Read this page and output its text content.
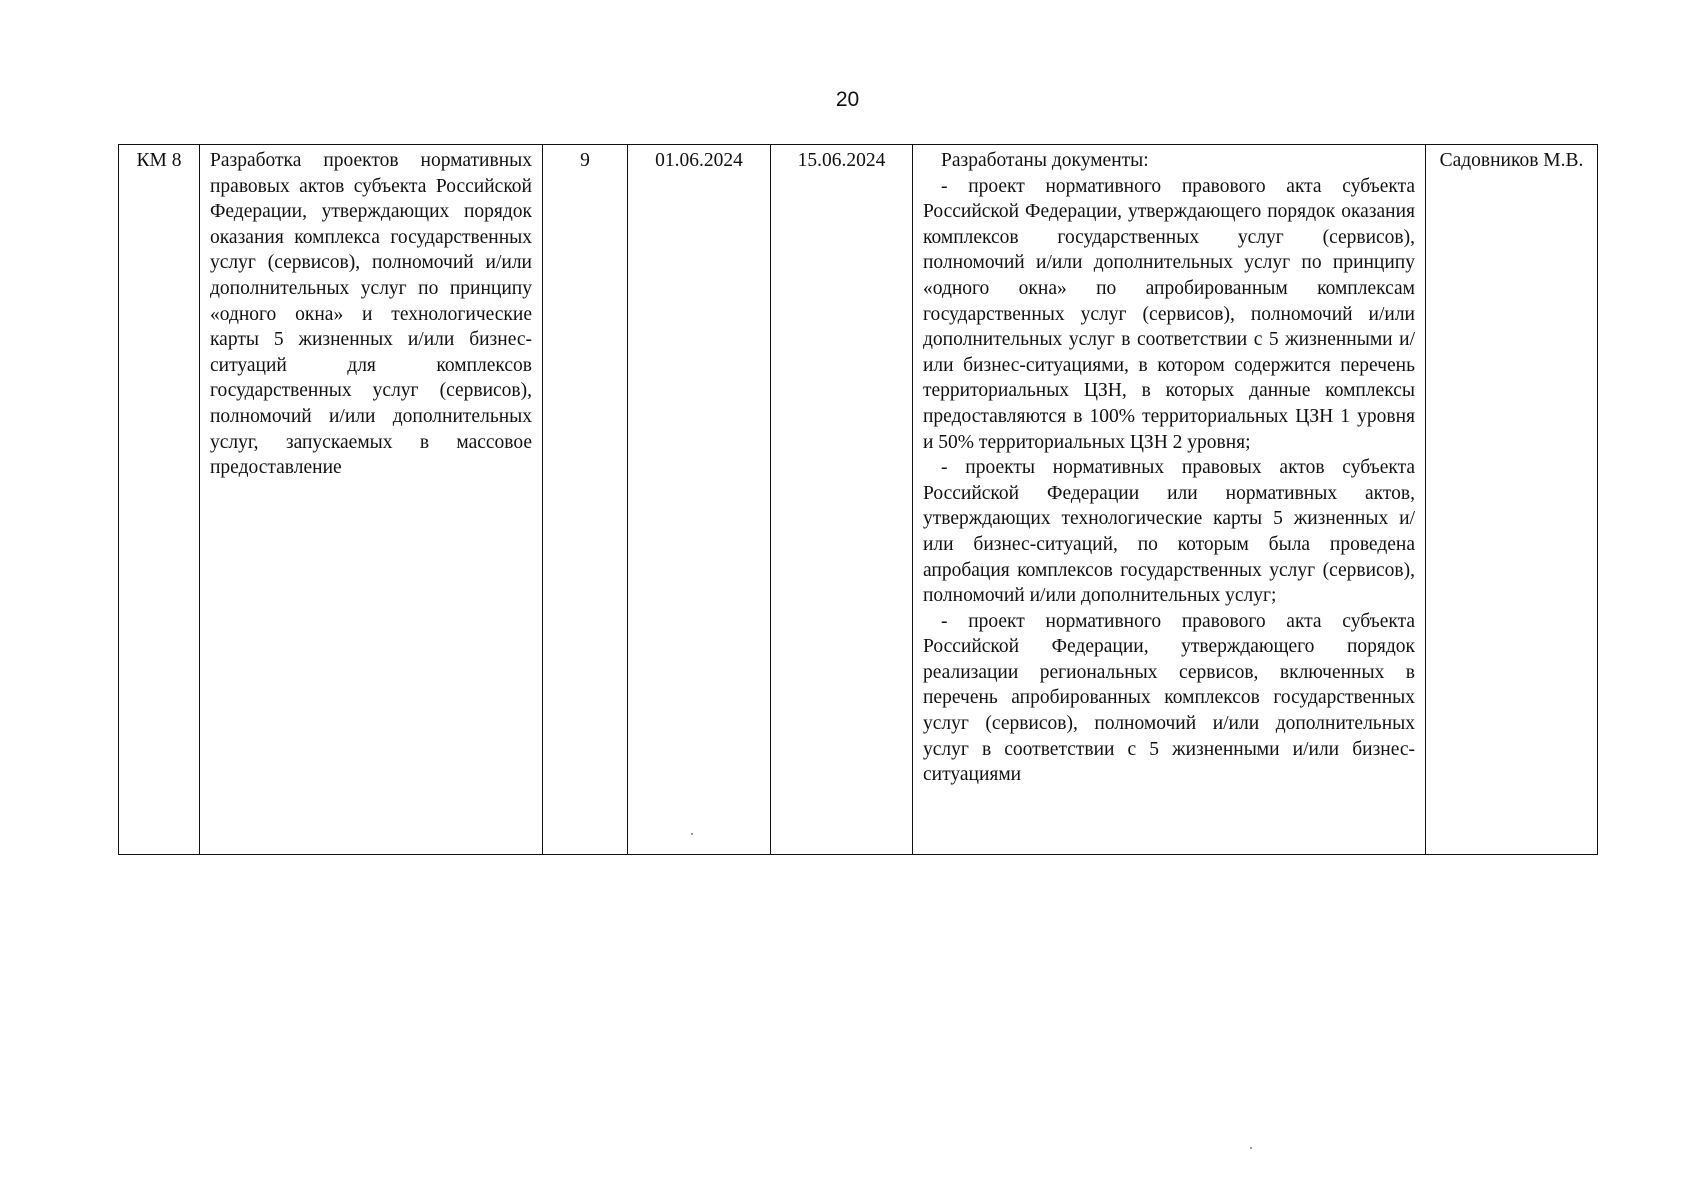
20
КМ 8	Разработка проектов нормативных правовых актов субъекта Российской Федерации, утверждающих порядок оказания комплекса государственных услуг (сервисов), полномочий и/или дополнительных услуг по принципу «одного окна» и технологические карты 5 жизненных и/или бизнес-ситуаций для комплексов государственных услуг (сервисов), полномочий и/или дополнительных услуг, запускаемых в массовое предоставление	9	01.06.2024	15.06.2024	Разработаны документы:
- проект нормативного правового акта субъекта Российской Федерации, утверждающего порядок оказания комплексов государственных услуг (сервисов), полномочий и/или дополнительных услуг по принципу «одного окна» по апробированным комплексам государственных услуг (сервисов), полномочий и/или дополнительных услуг в соответствии с 5 жизненными и/или бизнес-ситуациями, в котором содержится перечень территориальных ЦЗН, в которых данные комплексы предоставляются в 100% территориальных ЦЗН 1 уровня и 50% территориальных ЦЗН 2 уровня;
- проекты нормативных правовых актов субъекта Российской Федерации или нормативных актов, утверждающих технологические карты 5 жизненных и/или бизнес-ситуаций, по которым была проведена апробация комплексов государственных услуг (сервисов), полномочий и/или дополнительных услуг;
- проект нормативного правового акта субъекта Российской Федерации, утверждающего порядок реализации региональных сервисов, включенных в перечень апробированных комплексов государственных услуг (сервисов), полномочий и/или дополнительных услуг в соответствии с 5 жизненными и/или бизнес-ситуациями
	Садовников М.В.
